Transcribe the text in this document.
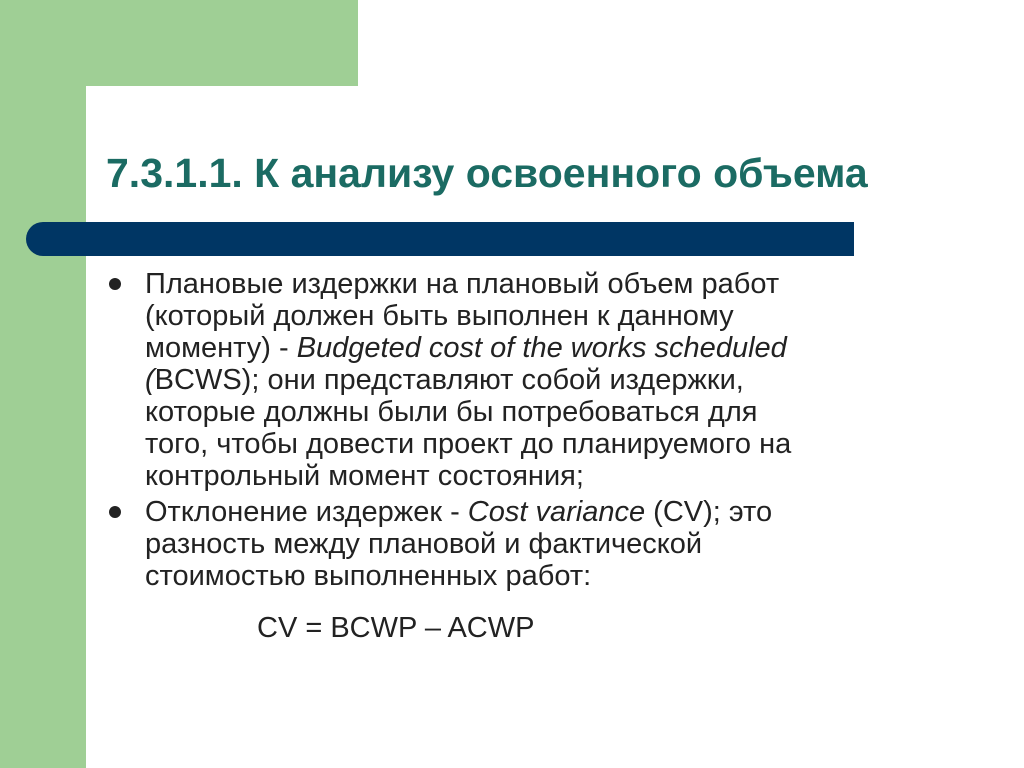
7.3.1.1. К анализу освоенного объема
Плановые издержки на плановый объем работ
(который должен быть выполнен к данному
моменту) - Budgeted cost of the works scheduled
(BCWS); они представляют собой издержки,
которые должны были бы потребоваться для
того, чтобы довести проект до планируемого на
контрольный момент состояния;
Отклонение издержек - Cost variance (CV); это
разность между плановой и фактической
стоимостью выполненных работ:
CV = BCWP – ACWP
